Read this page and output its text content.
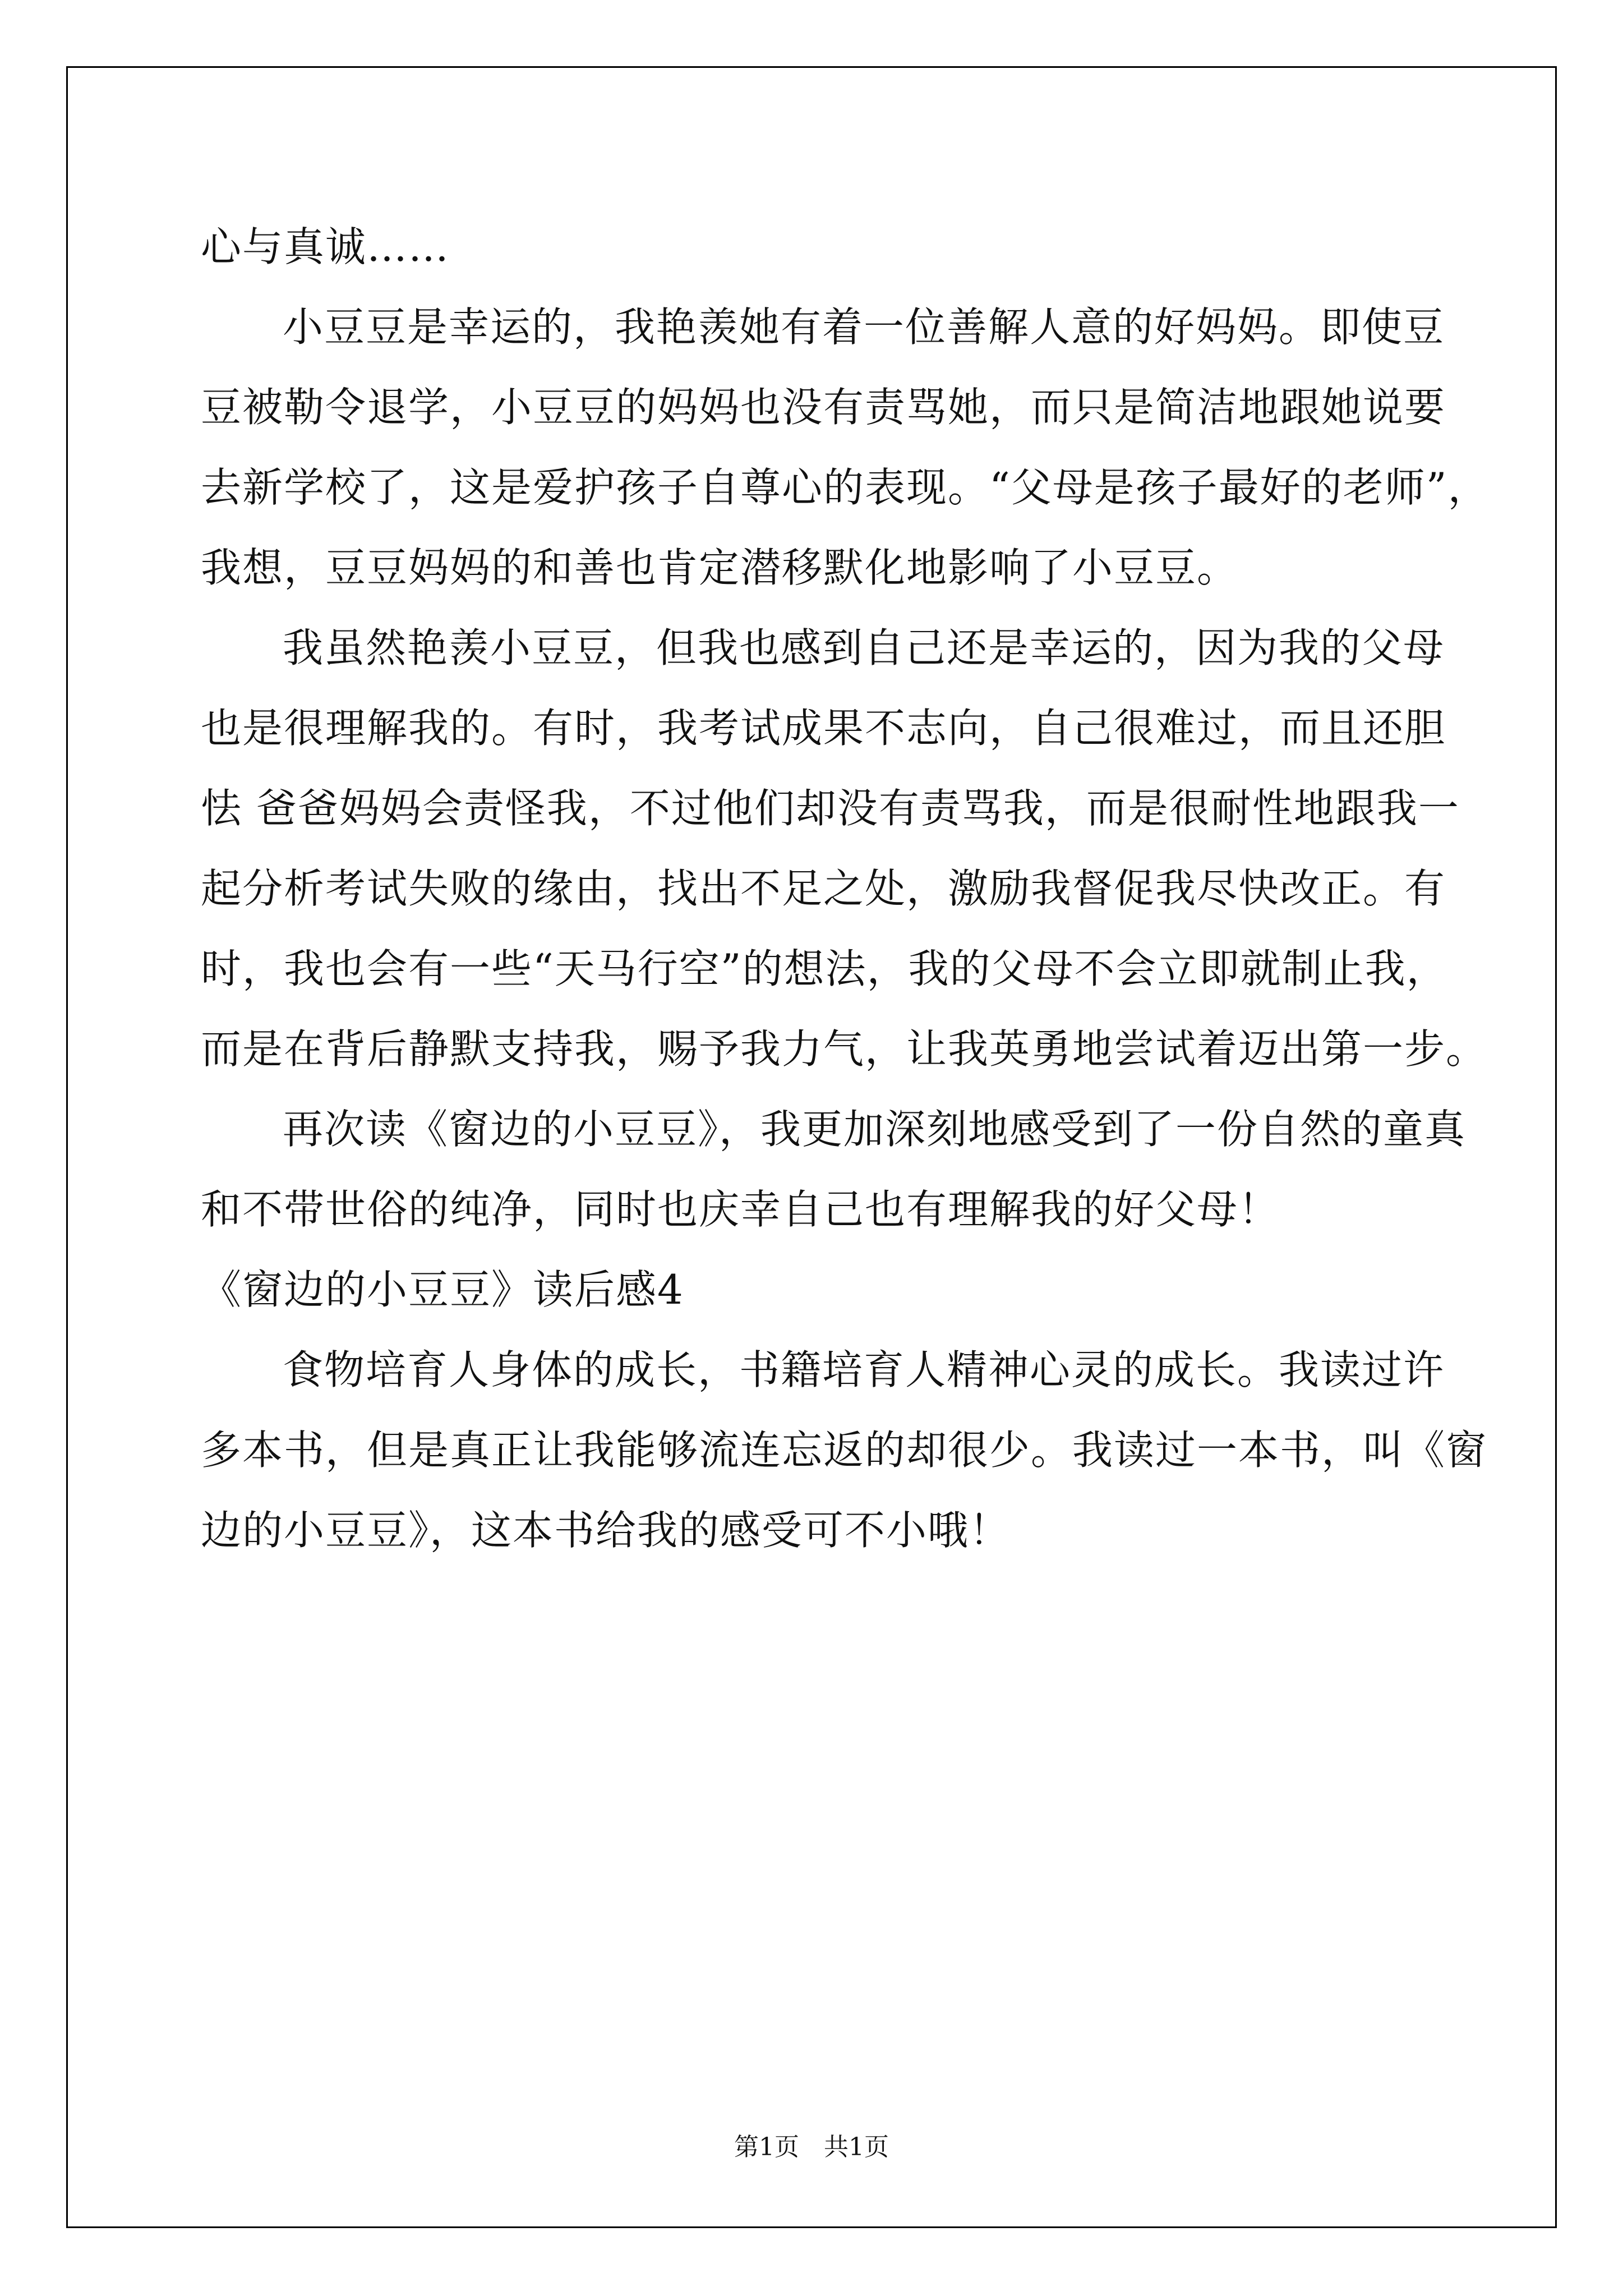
心与真诚……
小豆豆是幸运的，我艳羡她有着一位善解人意的好妈妈。即使豆
豆被勒令退学，小豆豆的妈妈也没有责骂她，而只是简洁地跟她说要
去新学校了，这是爱护孩子自尊心的表现。“父母是孩子最好的老师”，
我想，豆豆妈妈的和善也肯定潜移默化地影响了小豆豆。
我虽然艳羡小豆豆，但我也感到自己还是幸运的，因为我的父母
也是很理解我的。有时，我考试成果不志向，自己很难过，而且还胆
怯 爸爸妈妈会责怪我，不过他们却没有责骂我，而是很耐性地跟我一
起分析考试失败的缘由，找出不足之处，激励我督促我尽快改正。有
时，我也会有一些“天马行空”的想法，我的父母不会立即就制止我，
而是在背后静默支持我，赐予我力气，让我英勇地尝试着迈出第一步。
再次读《窗边的小豆豆》，我更加深刻地感受到了一份自然的童真
和不带世俗的纯净，同时也庆幸自己也有理解我的好父母！
《窗边的小豆豆》读后感4
食物培育人身体的成长，书籍培育人精神心灵的成长。我读过许
多本书，但是真正让我能够流连忘返的却很少。我读过一本书，叫《窗
边的小豆豆》，这本书给我的感受可不小哦！
第1页　共1页
